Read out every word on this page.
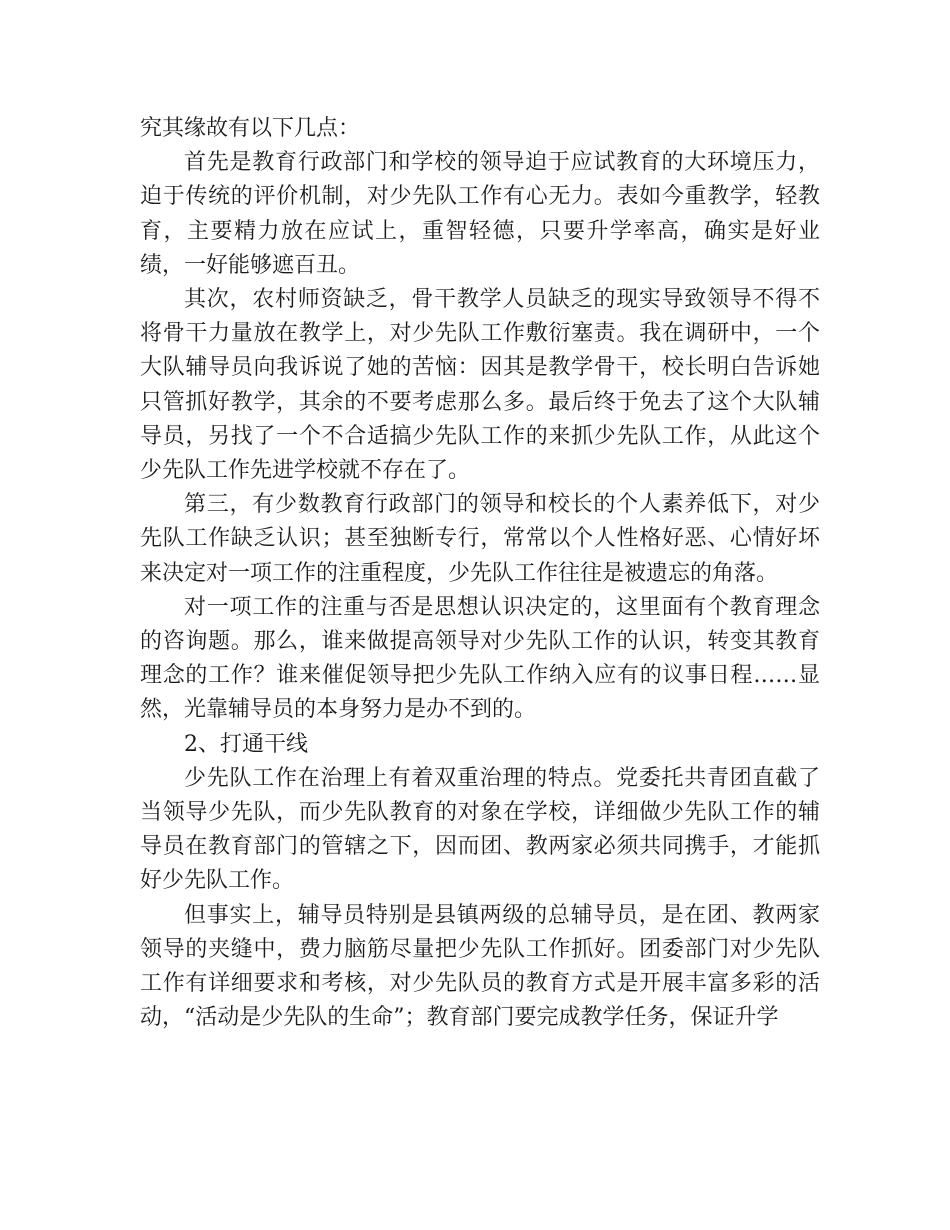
究其缘故有以下几点：

首先是教育行政部门和学校的领导迫于应试教育的大环境压力，迫于传统的评价机制，对少先队工作有心无力。表如今重教学，轻教育，主要精力放在应试上，重智轻德，只要升学率高，确实是好业绩，一好能够遮百丑。

其次，农村师资缺乏，骨干教学人员缺乏的现实导致领导不得不将骨干力量放在教学上，对少先队工作敷衍塞责。我在调研中，一个大队辅导员向我诉说了她的苦恼：因其是教学骨干，校长明白告诉她只管抓好教学，其余的不要考虑那么多。最后终于免去了这个大队辅导员，另找了一个不合适搞少先队工作的来抓少先队工作，从此这个少先队工作先进学校就不存在了。

第三，有少数教育行政部门的领导和校长的个人素养低下，对少先队工作缺乏认识；甚至独断专行，常常以个人性格好恶、心情好坏来决定对一项工作的注重程度，少先队工作往往是被遗忘的角落。

对一项工作的注重与否是思想认识决定的，这里面有个教育理念的咨询题。那么，谁来做提高领导对少先队工作的认识，转变其教育理念的工作？谁来催促领导把少先队工作纳入应有的议事日程……显然，光靠辅导员的本身努力是办不到的。

2、打通干线

少先队工作在治理上有着双重治理的特点。党委托共青团直截了当领导少先队，而少先队教育的对象在学校，详细做少先队工作的辅导员在教育部门的管辖之下，因而团、教两家必须共同携手，才能抓好少先队工作。

但事实上，辅导员特别是县镇两级的总辅导员，是在团、教两家领导的夹缝中，费力脑筋尽量把少先队工作抓好。团委部门对少先队工作有详细要求和考核，对少先队员的教育方式是开展丰富多彩的活动，“活动是少先队的生命”；教育部门要完成教学任务，保证升学
